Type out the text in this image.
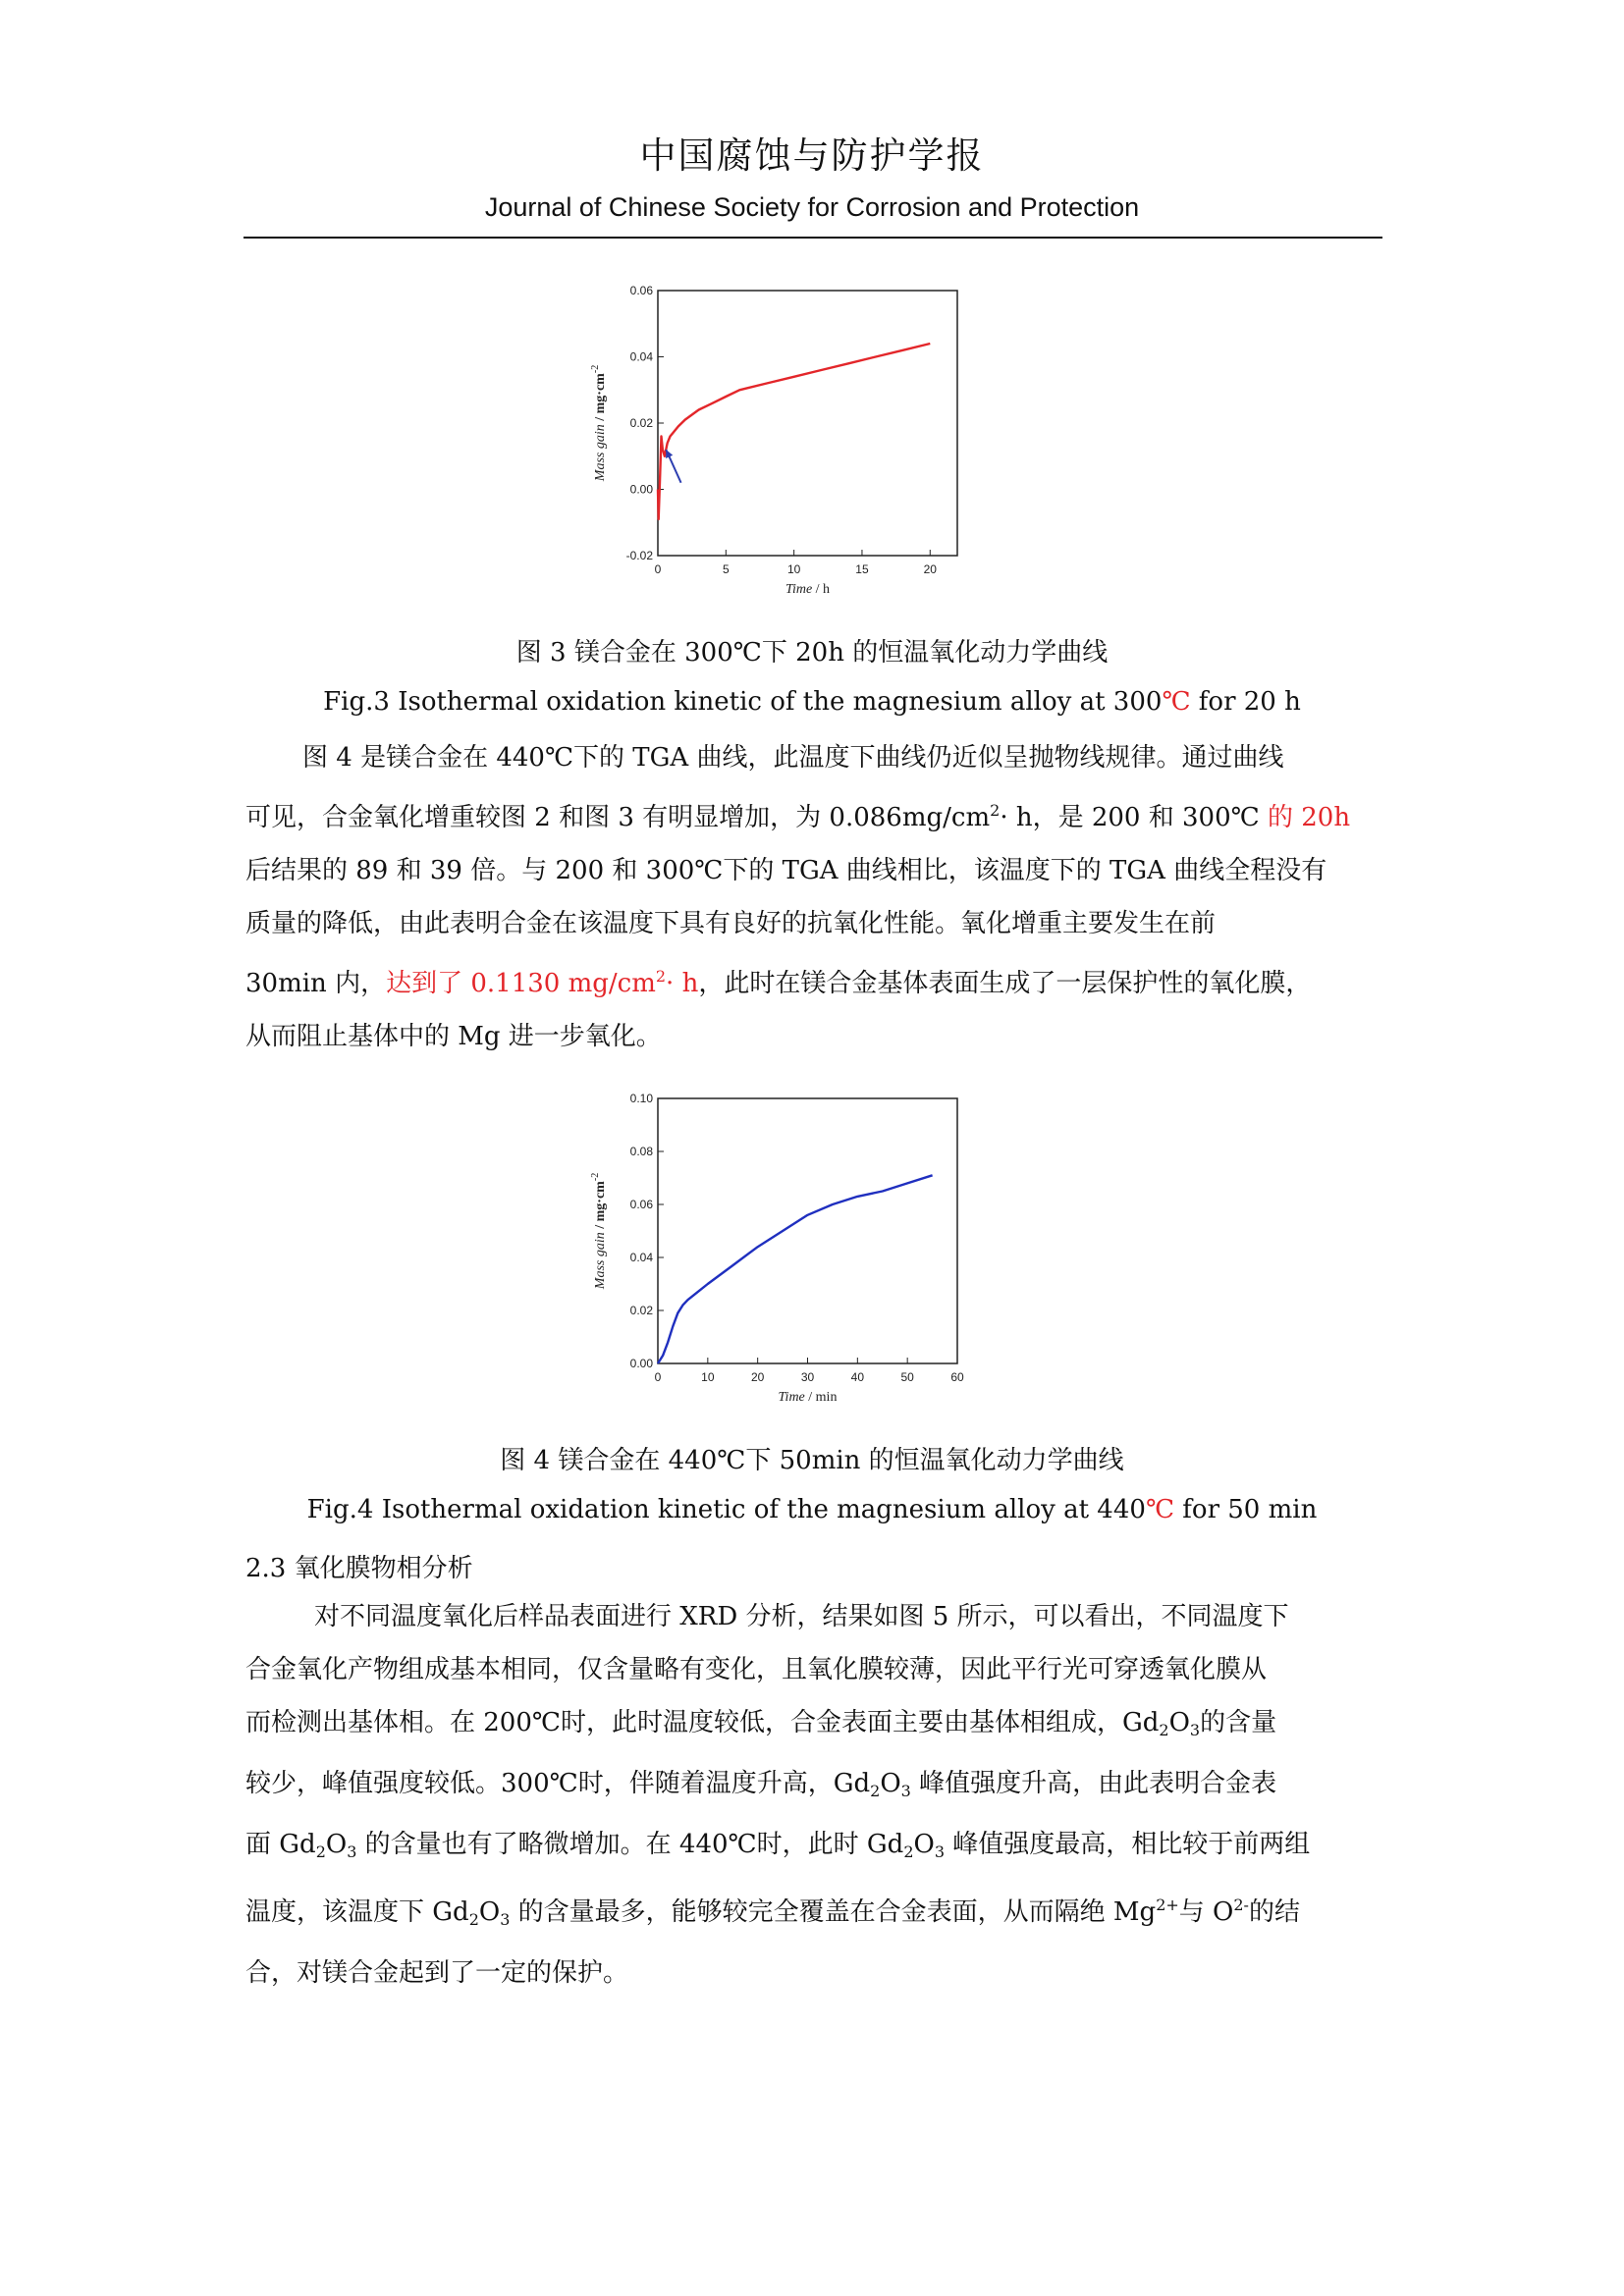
中国腐蚀与防护学报
Journal of Chinese Society for Corrosion and Protection
0	5	10	15	20
-0.02
0.00
0.02
0.04
0.06
Time / h
Mass gain / $mg\cdot cm^{-2}$
图 3 镁合金在 300℃下 20h 的恒温氧化动力学曲线
Fig.3 Isothermal oxidation kinetic of the magnesium alloy at 300℃ for 20 h
图 4 是镁合金在 440℃下的 TGA 曲线，此温度下曲线仍近似呈抛物线规律。通过曲线
可见，合金氧化增重较图 2 和图 3 有明显增加，为 $0.086mg/cm^2\cdot h$，是 200 和 300℃ 的 20h
后结果的 89 和 39 倍。与 200 和 300℃下的 TGA 曲线相比，该温度下的 TGA 曲线全程没有
质量的降低，由此表明合金在该温度下具有良好的抗氧化性能。氧化增重主要发生在前
30min 内，达到了 0.1130 $mg/cm^2\cdot h$，此时在镁合金基体表面生成了一层保护性的氧化膜，
从而阻止基体中的 Mg 进一步氧化。
0	10	20	30	40	50	60
0.00
0.02
0.04
0.06
0.08
0.10
Time / min
Mass gain / $mg\cdot cm^{-2}$
图 4 镁合金在 440℃下 50min 的恒温氧化动力学曲线
Fig.4 Isothermal oxidation kinetic of the magnesium alloy at 440℃ for 50 min
2.3 氧化膜物相分析
对不同温度氧化后样品表面进行 XRD 分析，结果如图 5 所示，可以看出，不同温度下
合金氧化产物组成基本相同，仅含量略有变化，且氧化膜较薄，因此平行光可穿透氧化膜从
而检测出基体相。在 200℃时，此时温度较低，合金表面主要由基体相组成，$Gd_2O_3$的含量
较少，峰值强度较低。300℃时，伴随着温度升高，$Gd_2O_3$ 峰值强度升高，由此表明合金表
面 $Gd_2O_3$ 的含量也有了略微增加。在 440℃时，此时 $Gd_2O_3$ 峰值强度最高，相比较于前两组
温度，该温度下 $Gd_2O_3$ 的含量最多，能够较完全覆盖在合金表面，从而隔绝 $Mg^{2+}$与 $O^{2-}$的结
合，对镁合金起到了一定的保护。
